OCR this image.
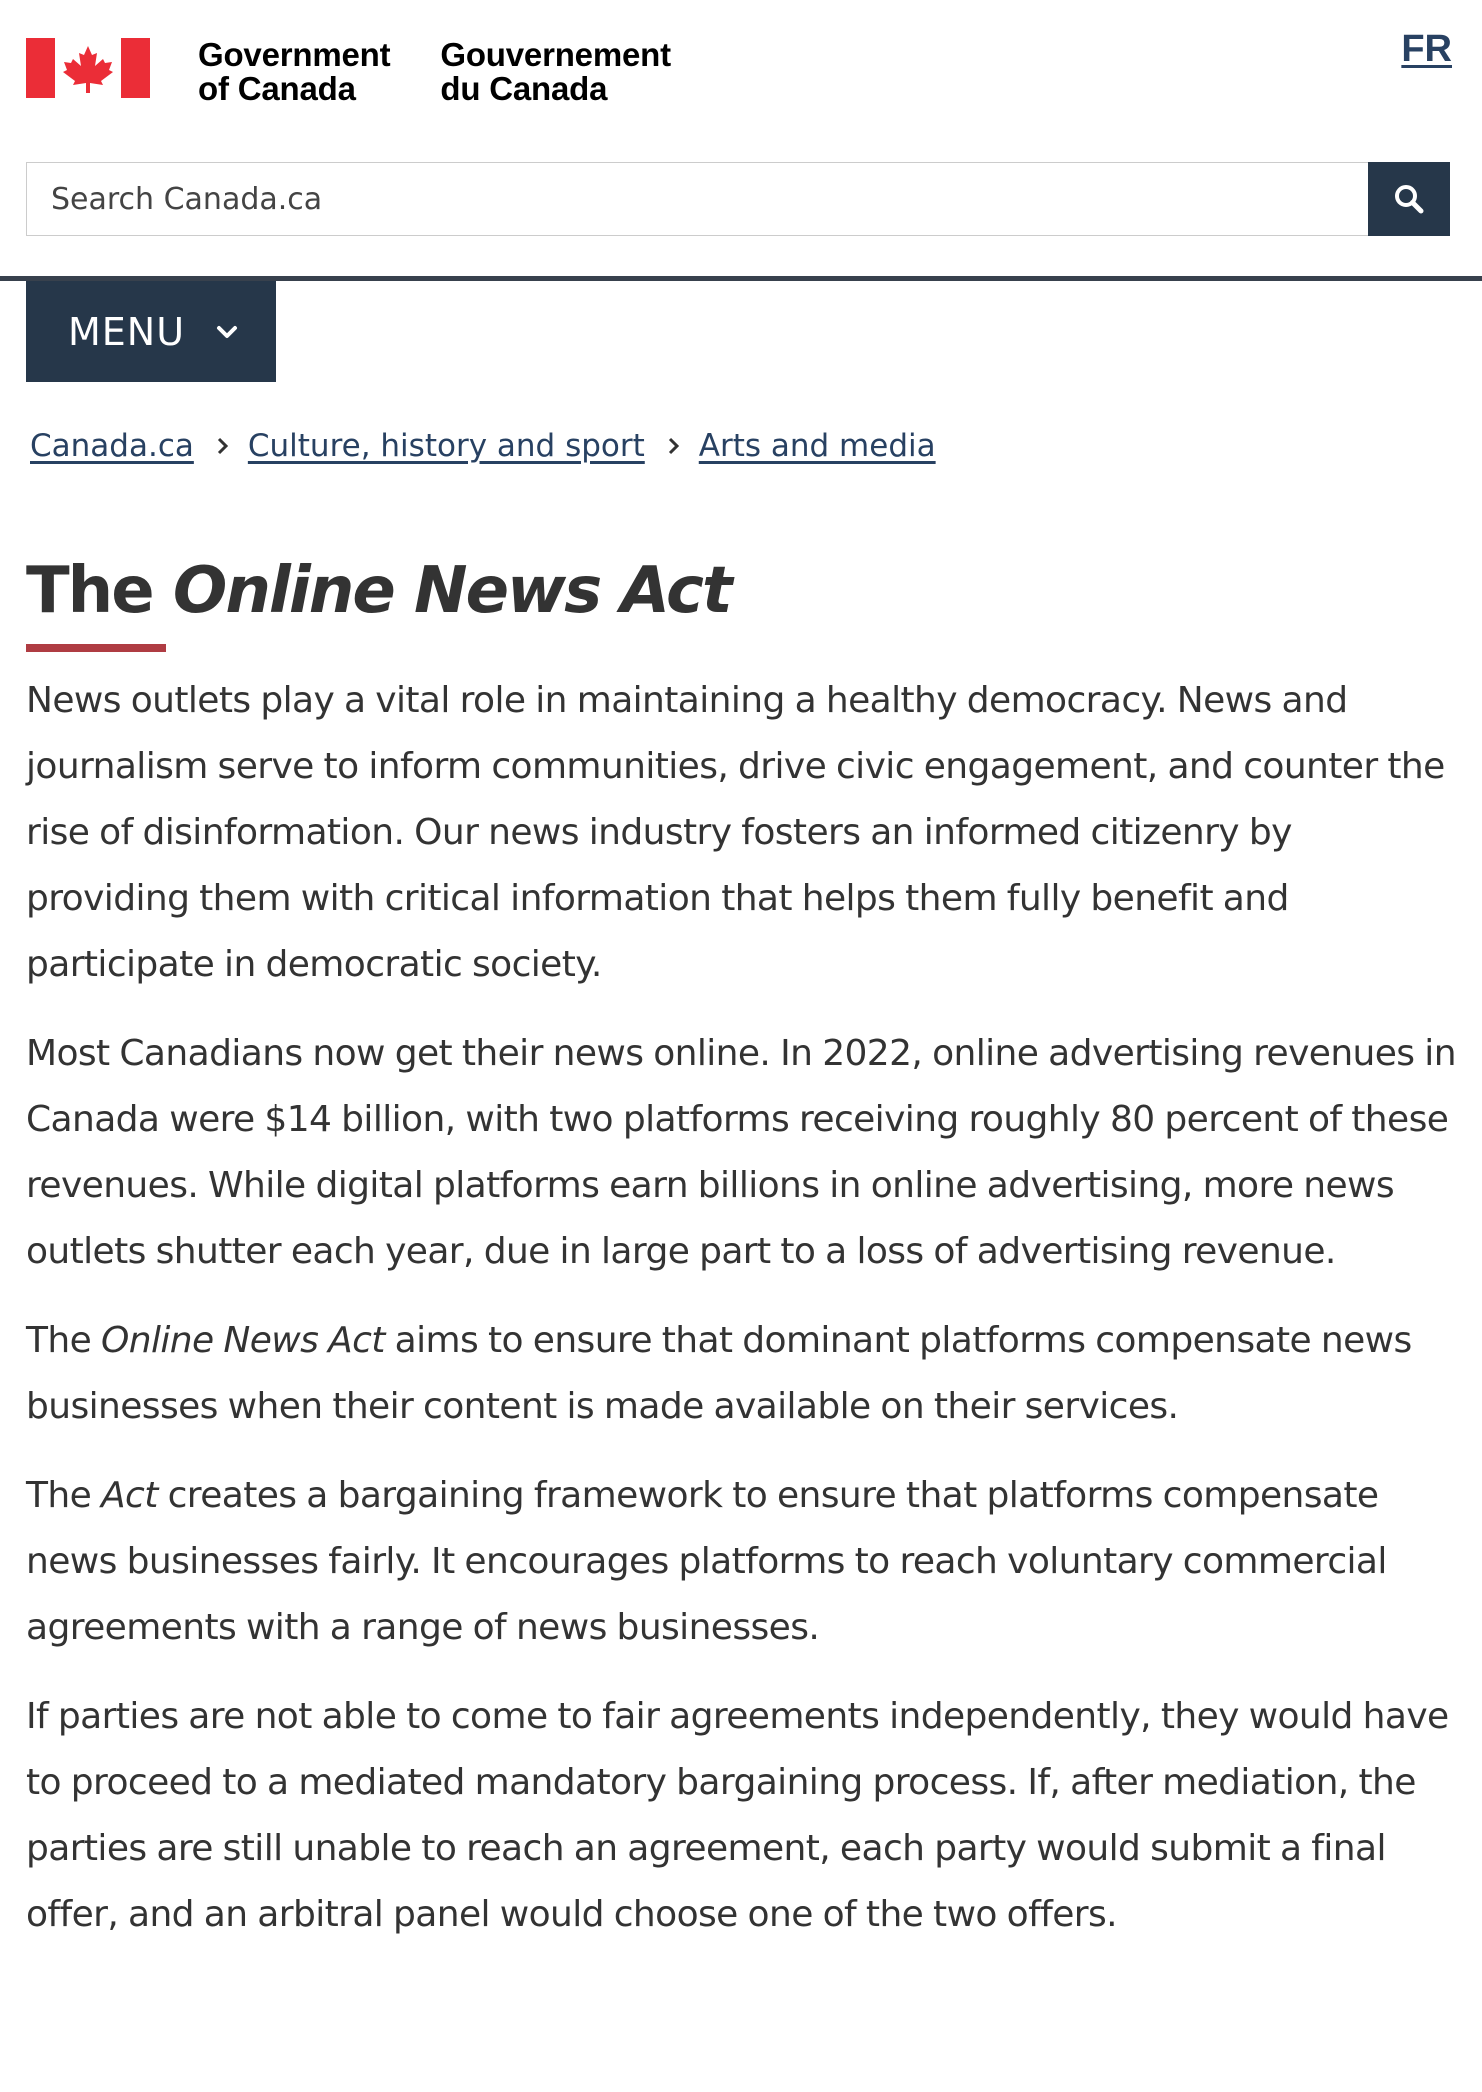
Government
of Canada
Gouvernement
du Canada
FR
Search Canada.ca
MENU
Canada.ca Culture, history and sport Arts and media
The Online News Act

News outlets play a vital role in maintaining a healthy democracy. News and journalism serve to inform communities, drive civic engagement, and counter the rise of disinformation. Our news industry fosters an informed citizenry by providing them with critical information that helps them fully benefit and participate in democratic society.

Most Canadians now get their news online. In 2022, online advertising revenues in Canada were $14 billion, with two platforms receiving roughly 80 percent of these revenues. While digital platforms earn billions in online advertising, more news outlets shutter each year, due in large part to a loss of advertising revenue.

The Online News Act aims to ensure that dominant platforms compensate news businesses when their content is made available on their services.

The Act creates a bargaining framework to ensure that platforms compensate news businesses fairly. It encourages platforms to reach voluntary commercial agreements with a range of news businesses.

If parties are not able to come to fair agreements independently, they would have to proceed to a mediated mandatory bargaining process. If, after mediation, the parties are still unable to reach an agreement, each party would submit a final offer, and an arbitral panel would choose one of the two offers.
